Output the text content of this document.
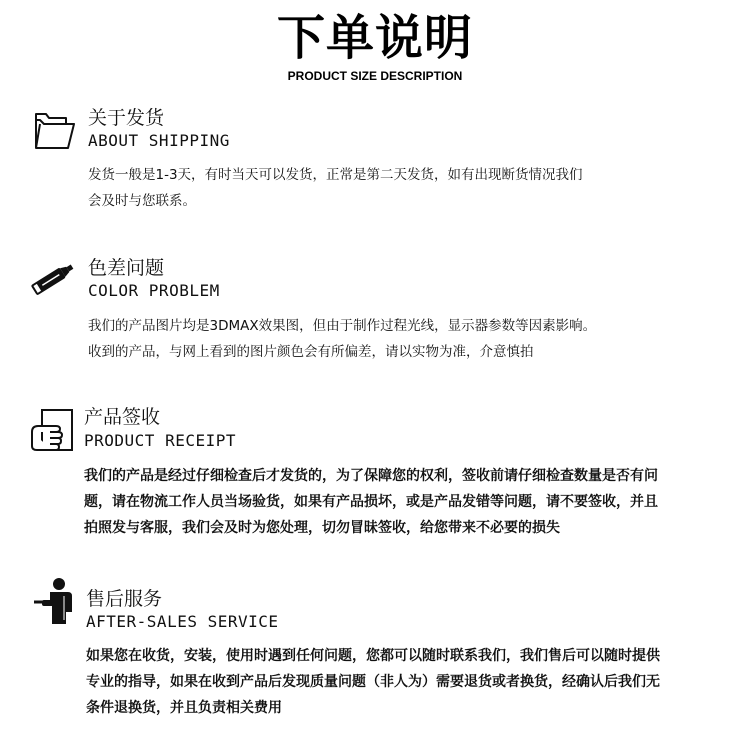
下单说明
PRODUCT SIZE DESCRIPTION
关于发货
ABOUT SHIPPING
发货一般是1-3天，有时当天可以发货，正常是第二天发货，如有出现断货情况我们
会及时与您联系。
色差问题
COLOR PROBLEM
我们的产品图片均是3DMAX效果图，但由于制作过程光线，显示器参数等因素影响。
收到的产品，与网上看到的图片颜色会有所偏差，请以实物为准，介意慎拍
产品签收
PRODUCT RECEIPT
我们的产品是经过仔细检查后才发货的，为了保障您的权利，签收前请仔细检查数量是否有问
题，请在物流工作人员当场验货，如果有产品损坏，或是产品发错等问题，请不要签收，并且
拍照发与客服，我们会及时为您处理，切勿冒昧签收，给您带来不必要的损失
售后服务
AFTER-SALES SERVICE
如果您在收货，安装，使用时遇到任何问题，您都可以随时联系我们，我们售后可以随时提供
专业的指导，如果在收到产品后发现质量问题（非人为）需要退货或者换货，经确认后我们无
条件退换货，并且负责相关费用
